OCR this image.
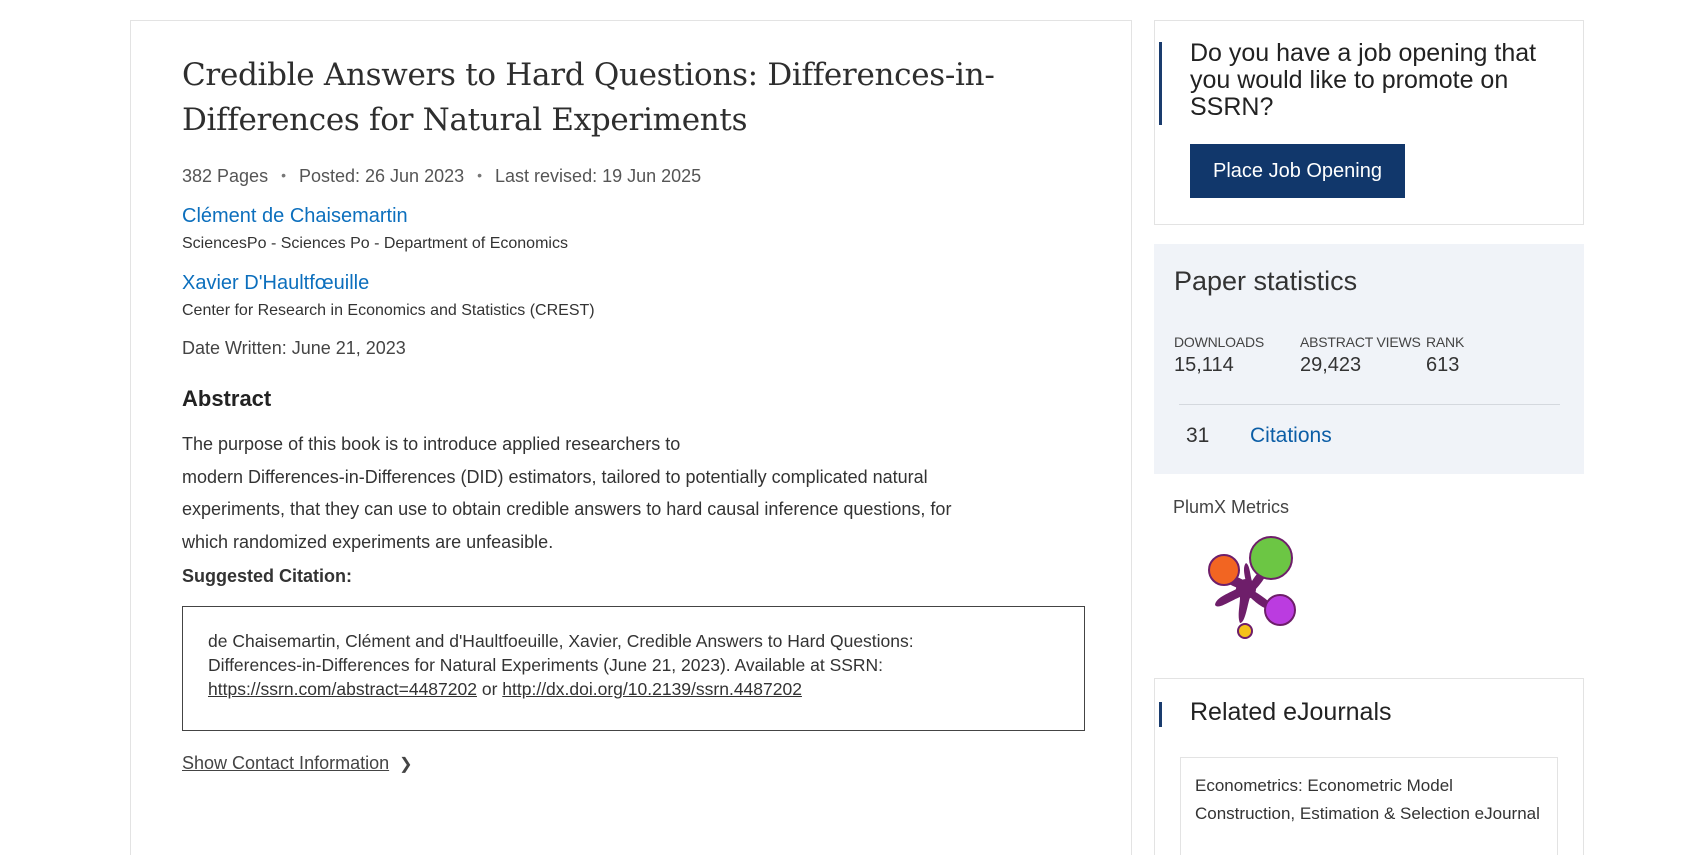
Credible Answers to Hard Questions: Differences-in-Differences for Natural Experiments
382 Pages • Posted: 26 Jun 2023 • Last revised: 19 Jun 2025
Clément de Chaisemartin
SciencesPo - Sciences Po - Department of Economics
Xavier D'Haultfœuille
Center for Research in Economics and Statistics (CREST)
Date Written: June 21, 2023
Abstract
The purpose of this book is to introduce applied researchers to
modern Differences-in-Differences (DID) estimators, tailored to potentially complicated natural
experiments, that they can use to obtain credible answers to hard causal inference questions, for
which randomized experiments are unfeasible.
Suggested Citation:
de Chaisemartin, Clément and d'Haultfoeuille, Xavier, Credible Answers to Hard Questions:
Differences-in-Differences for Natural Experiments (June 21, 2023). Available at SSRN:
https://ssrn.com/abstract=4487202 or http://dx.doi.org/10.2139/ssrn.4487202
Show Contact Information ❯
Do you have a job opening that you would like to promote on SSRN?
Place Job Opening
Paper statistics
DOWNLOADS
15,114
ABSTRACT VIEWS
29,423
RANK
613
31 Citations
PlumX Metrics
Related eJournals
Econometrics: Econometric Model Construction, Estimation & Selection eJournal
